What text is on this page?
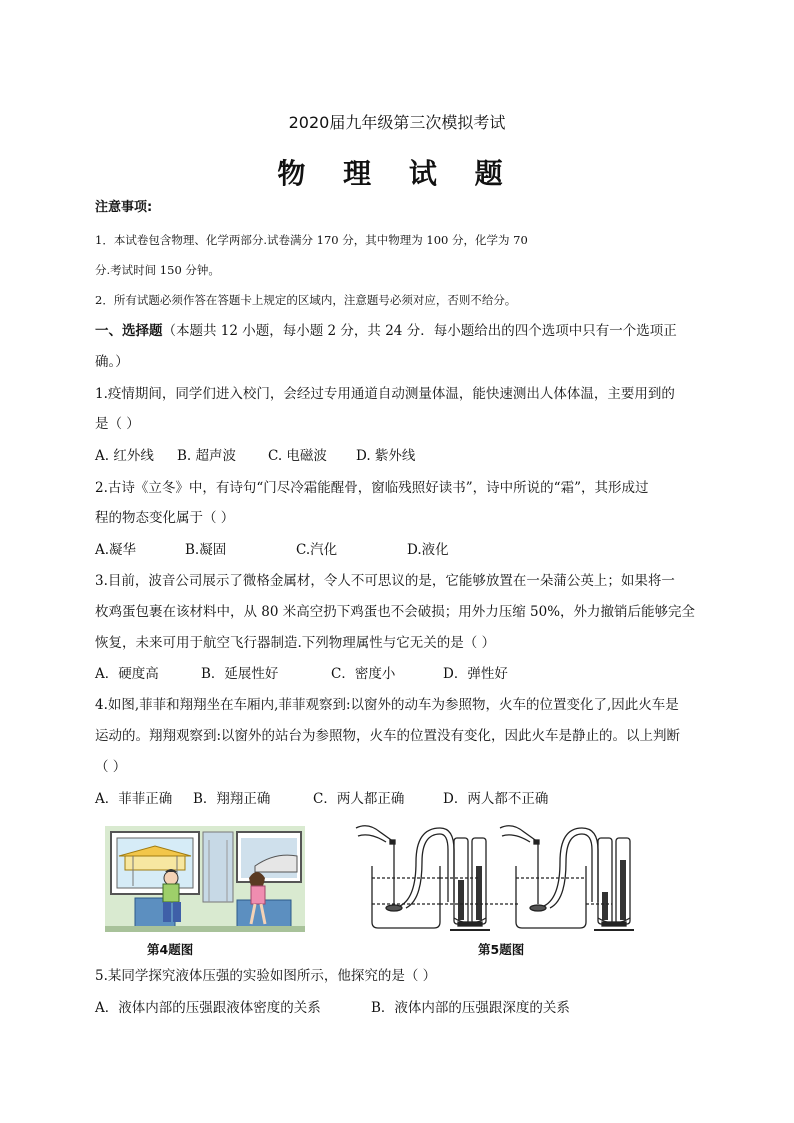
2020届九年级第三次模拟考试
物 理 试 题
注意事项:
1．本试卷包含物理、化学两部分.试卷满分 170 分，其中物理为 100 分，化学为 70
分.考试时间 150 分钟。
2．所有试题必须作答在答题卡上规定的区域内，注意题号必须对应，否则不给分。
一、选择题（本题共 12 小题，每小题 2 分，共 24 分．每小题给出的四个选项中只有一个选项正
确。）
1.疫情期间，同学们进入校门，会经过专用通道自动测量体温，能快速测出人体体温，主要用到的
是（ ）
A. 红外线 B. 超声波 C. 电磁波 D. 紫外线
2.古诗《立冬》中，有诗句“门尽冷霜能醒骨，窗临残照好读书”，诗中所说的“霜”，其形成过
程的物态变化属于（ ）
A.凝华	B.凝固	C.汽化	D.液化
3.目前，波音公司展示了微格金属材，令人不可思议的是，它能够放置在一朵蒲公英上；如果将一
枚鸡蛋包裹在该材料中，从 80 米高空扔下鸡蛋也不会破损；用外力压缩 50%，外力撤销后能够完全
恢复，未来可用于航空飞行器制造.下列物理属性与它无关的是（ ）
A．硬度高	B．延展性好	C．密度小	D．弹性好
4.如图,菲菲和翔翔坐在车厢内,菲菲观察到:以窗外的动车为参照物，火车的位置变化了,因此火车是
运动的。翔翔观察到:以窗外的站台为参照物，火车的位置没有变化，因此火车是静止的。以上判断
（ ）
A．菲菲正确 B．翔翔正确	C．两人都正确	D．两人都不正确
第4题图	第5题图
5.某同学探究液体压强的实验如图所示，他探究的是（ ）
A．液体内部的压强跟液体密度的关系	B．液体内部的压强跟深度的关系
